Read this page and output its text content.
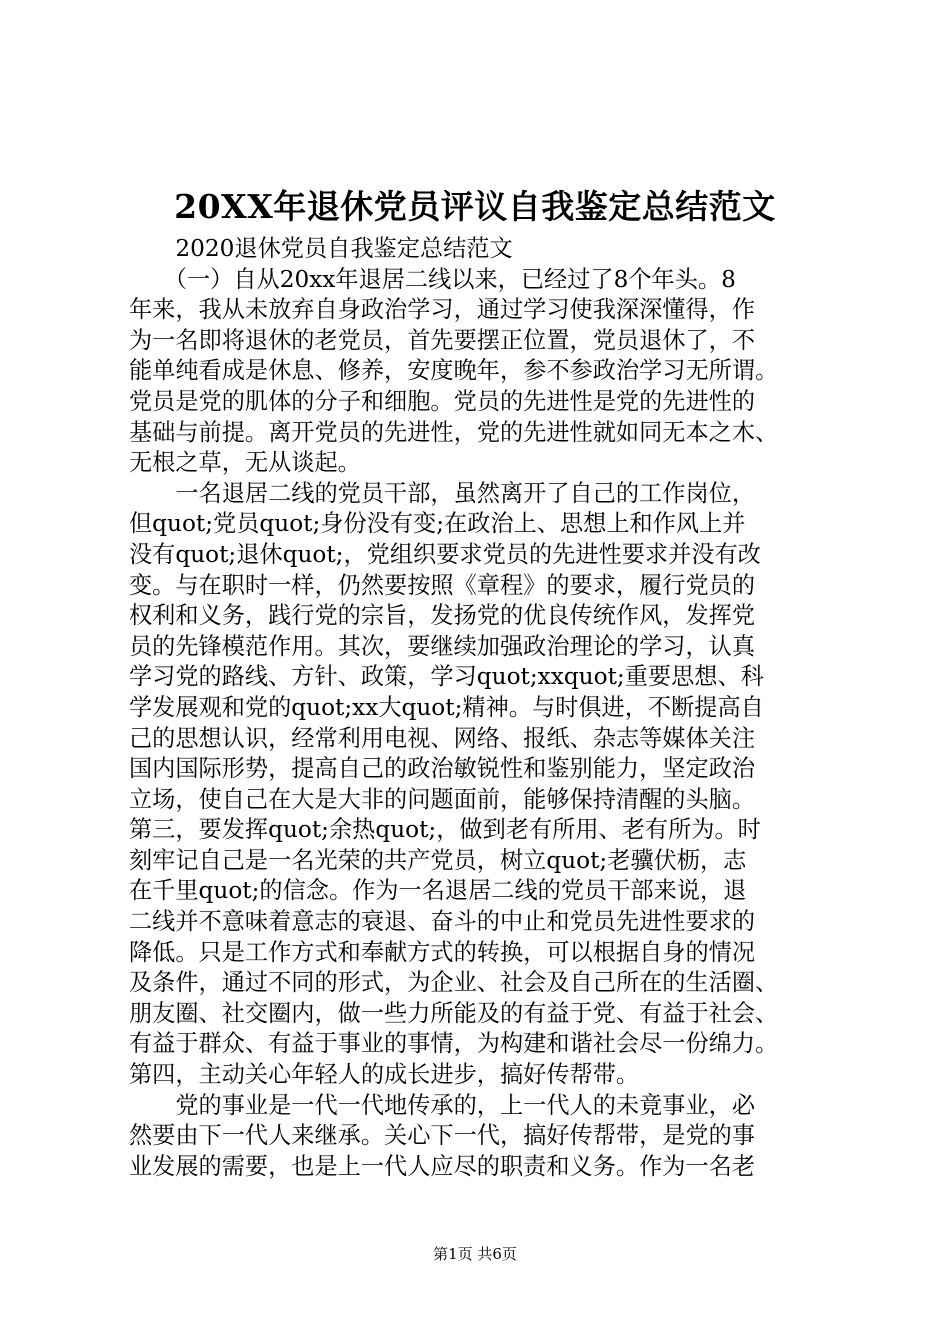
20XX年退休党员评议自我鉴定总结范文
　　2020退休党员自我鉴定总结范文
　　（一）自从20xx年退居二线以来，已经过了8个年头。8
年来，我从未放弃自身政治学习，通过学习使我深深懂得，作
为一名即将退休的老党员，首先要摆正位置，党员退休了，不
能单纯看成是休息、修养，安度晚年，参不参政治学习无所谓。
党员是党的肌体的分子和细胞。党员的先进性是党的先进性的
基础与前提。离开党员的先进性，党的先进性就如同无本之木、
无根之草，无从谈起。
　　一名退居二线的党员干部，虽然离开了自己的工作岗位，
但quot;党员quot;身份没有变;在政治上、思想上和作风上并
没有quot;退休quot;，党组织要求党员的先进性要求并没有改
变。与在职时一样，仍然要按照《章程》的要求，履行党员的
权利和义务，践行党的宗旨，发扬党的优良传统作风，发挥党
员的先锋模范作用。其次，要继续加强政治理论的学习，认真
学习党的路线、方针、政策，学习quot;xxquot;重要思想、科
学发展观和党的quot;xx大quot;精神。与时俱进，不断提高自
己的思想认识，经常利用电视、网络、报纸、杂志等媒体关注
国内国际形势，提高自己的政治敏锐性和鉴别能力，坚定政治
立场，使自己在大是大非的问题面前，能够保持清醒的头脑。
第三，要发挥quot;余热quot;，做到老有所用、老有所为。时
刻牢记自己是一名光荣的共产党员，树立quot;老骥伏枥，志
在千里quot;的信念。作为一名退居二线的党员干部来说，退
二线并不意味着意志的衰退、奋斗的中止和党员先进性要求的
降低。只是工作方式和奉献方式的转换，可以根据自身的情况
及条件，通过不同的形式，为企业、社会及自己所在的生活圈、
朋友圈、社交圈内，做一些力所能及的有益于党、有益于社会、
有益于群众、有益于事业的事情，为构建和谐社会尽一份绵力。
第四，主动关心年轻人的成长进步，搞好传帮带。
　　党的事业是一代一代地传承的，上一代人的未竟事业，必
然要由下一代人来继承。关心下一代，搞好传帮带，是党的事
业发展的需要，也是上一代人应尽的职责和义务。作为一名老
第1页 共6页
